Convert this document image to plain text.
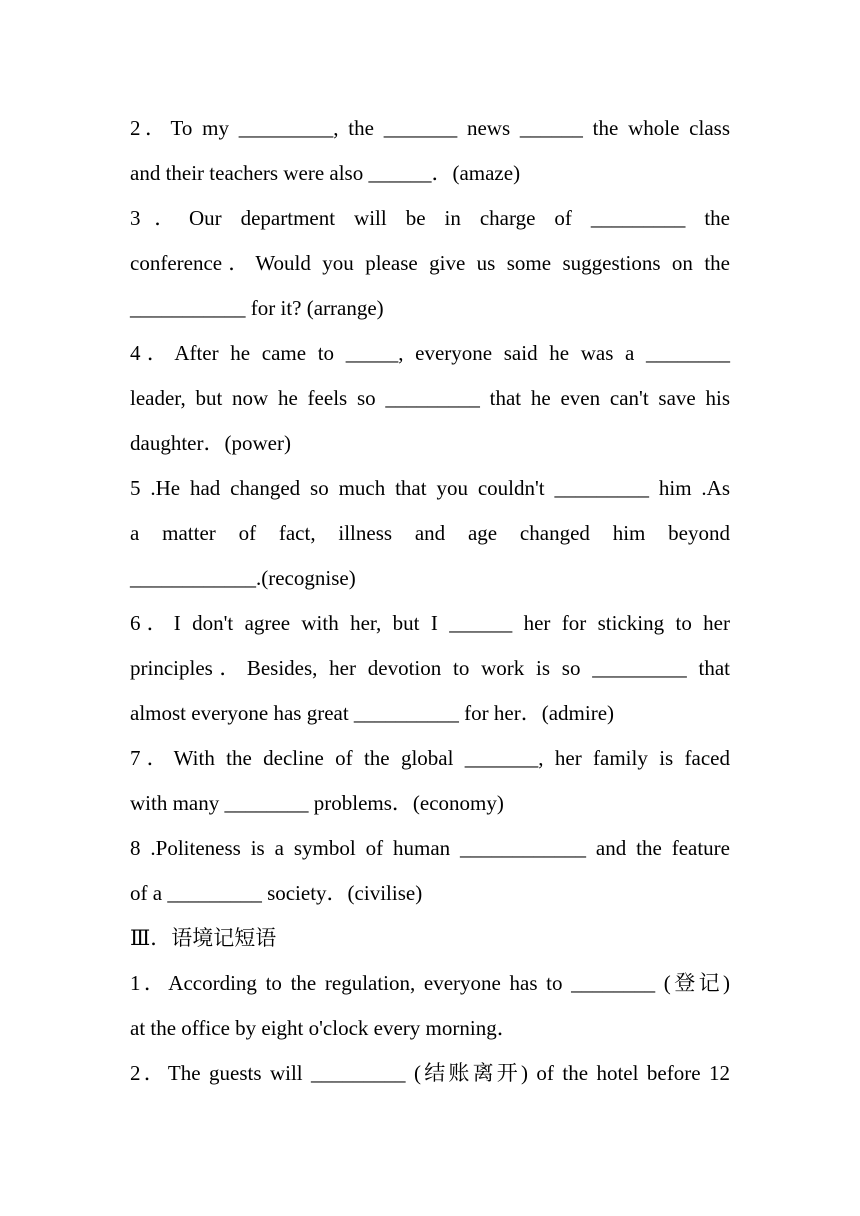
2．To my _________, the _______ news ______ the whole class
and their teachers were also ______．(amaze)
3．Our department will be in charge of _________ the
conference．Would you please give us some suggestions on the
___________ for it? (arrange)
4．After he came to _____, everyone said he was a ________
leader, but now he feels so _________ that he even can't save his
daughter．(power)
5 .He had changed so much that you couldn't _________ him .As
a matter of fact, illness and age changed him beyond
____________.(recognise)
6．I don't agree with her, but I ______ her for sticking to her
principles．Besides, her devotion to work is so _________ that
almost everyone has great __________ for her．(admire)
7．With the decline of the global _______, her family is faced
with many ________ problems．(economy)
8 .Politeness is a symbol of human ____________ and the feature
of a _________ society．(civilise)
Ⅲ．语境记短语
1．According to the regulation, everyone has to ________ (登记)
at the office by eight o'clock every morning．
2．The guests will _________ (结账离开) of the hotel before 12
